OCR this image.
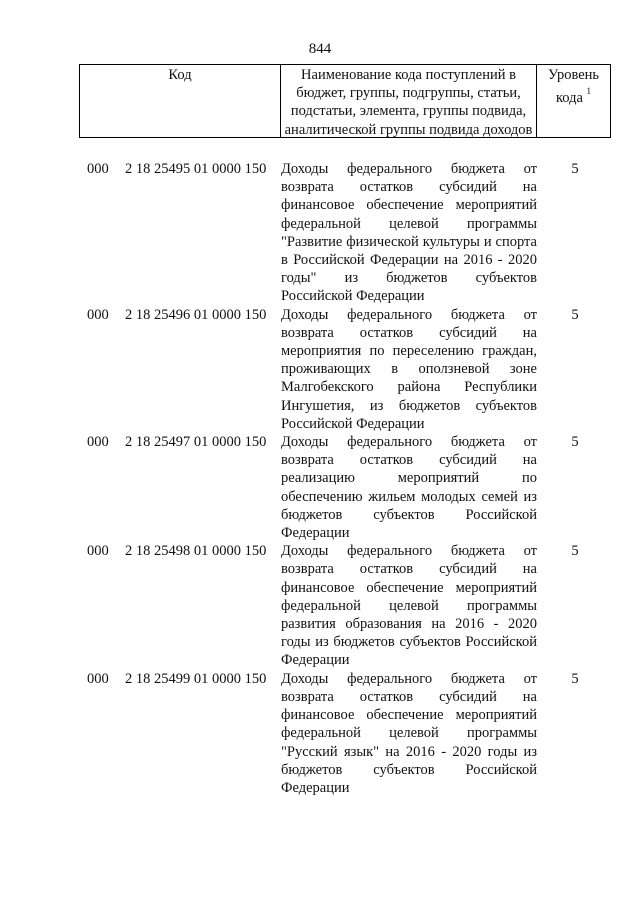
844
Код	Наименование кода поступлений в бюджет, группы, подгруппы, статьи, подстатьи, элемента, группы подвида, аналитической группы подвида доходов
Уровень кода $^1$
000 2 18 25495 01 0000 150 Доходы федерального бюджета от возврата остатков субсидий на финансовое обеспечение мероприятий федеральной целевой программы "Развитие физической культуры и спорта в Российской Федерации на 2016 - 2020 годы" из бюджетов субъектов Российской Федерации
5
000 2 18 25496 01 0000 150 Доходы федерального бюджета от возврата остатков субсидий на мероприятия по переселению граждан, проживающих в оползневой зоне Малгобекского района Республики Ингушетия, из бюджетов субъектов Российской Федерации
5
000 2 18 25497 01 0000 150 Доходы федерального бюджета от возврата остатков субсидий на реализацию мероприятий по обеспечению жильем молодых семей из бюджетов субъектов Российской Федерации
5
000 2 18 25498 01 0000 150 Доходы федерального бюджета от возврата остатков субсидий на финансовое обеспечение мероприятий федеральной целевой программы развития образования на 2016 - 2020 годы из бюджетов субъектов Российской Федерации
5
000 2 18 25499 01 0000 150 Доходы федерального бюджета от возврата остатков субсидий на финансовое обеспечение мероприятий федеральной целевой программы "Русский язык" на 2016 - 2020 годы из бюджетов субъектов Российской Федерации
5
